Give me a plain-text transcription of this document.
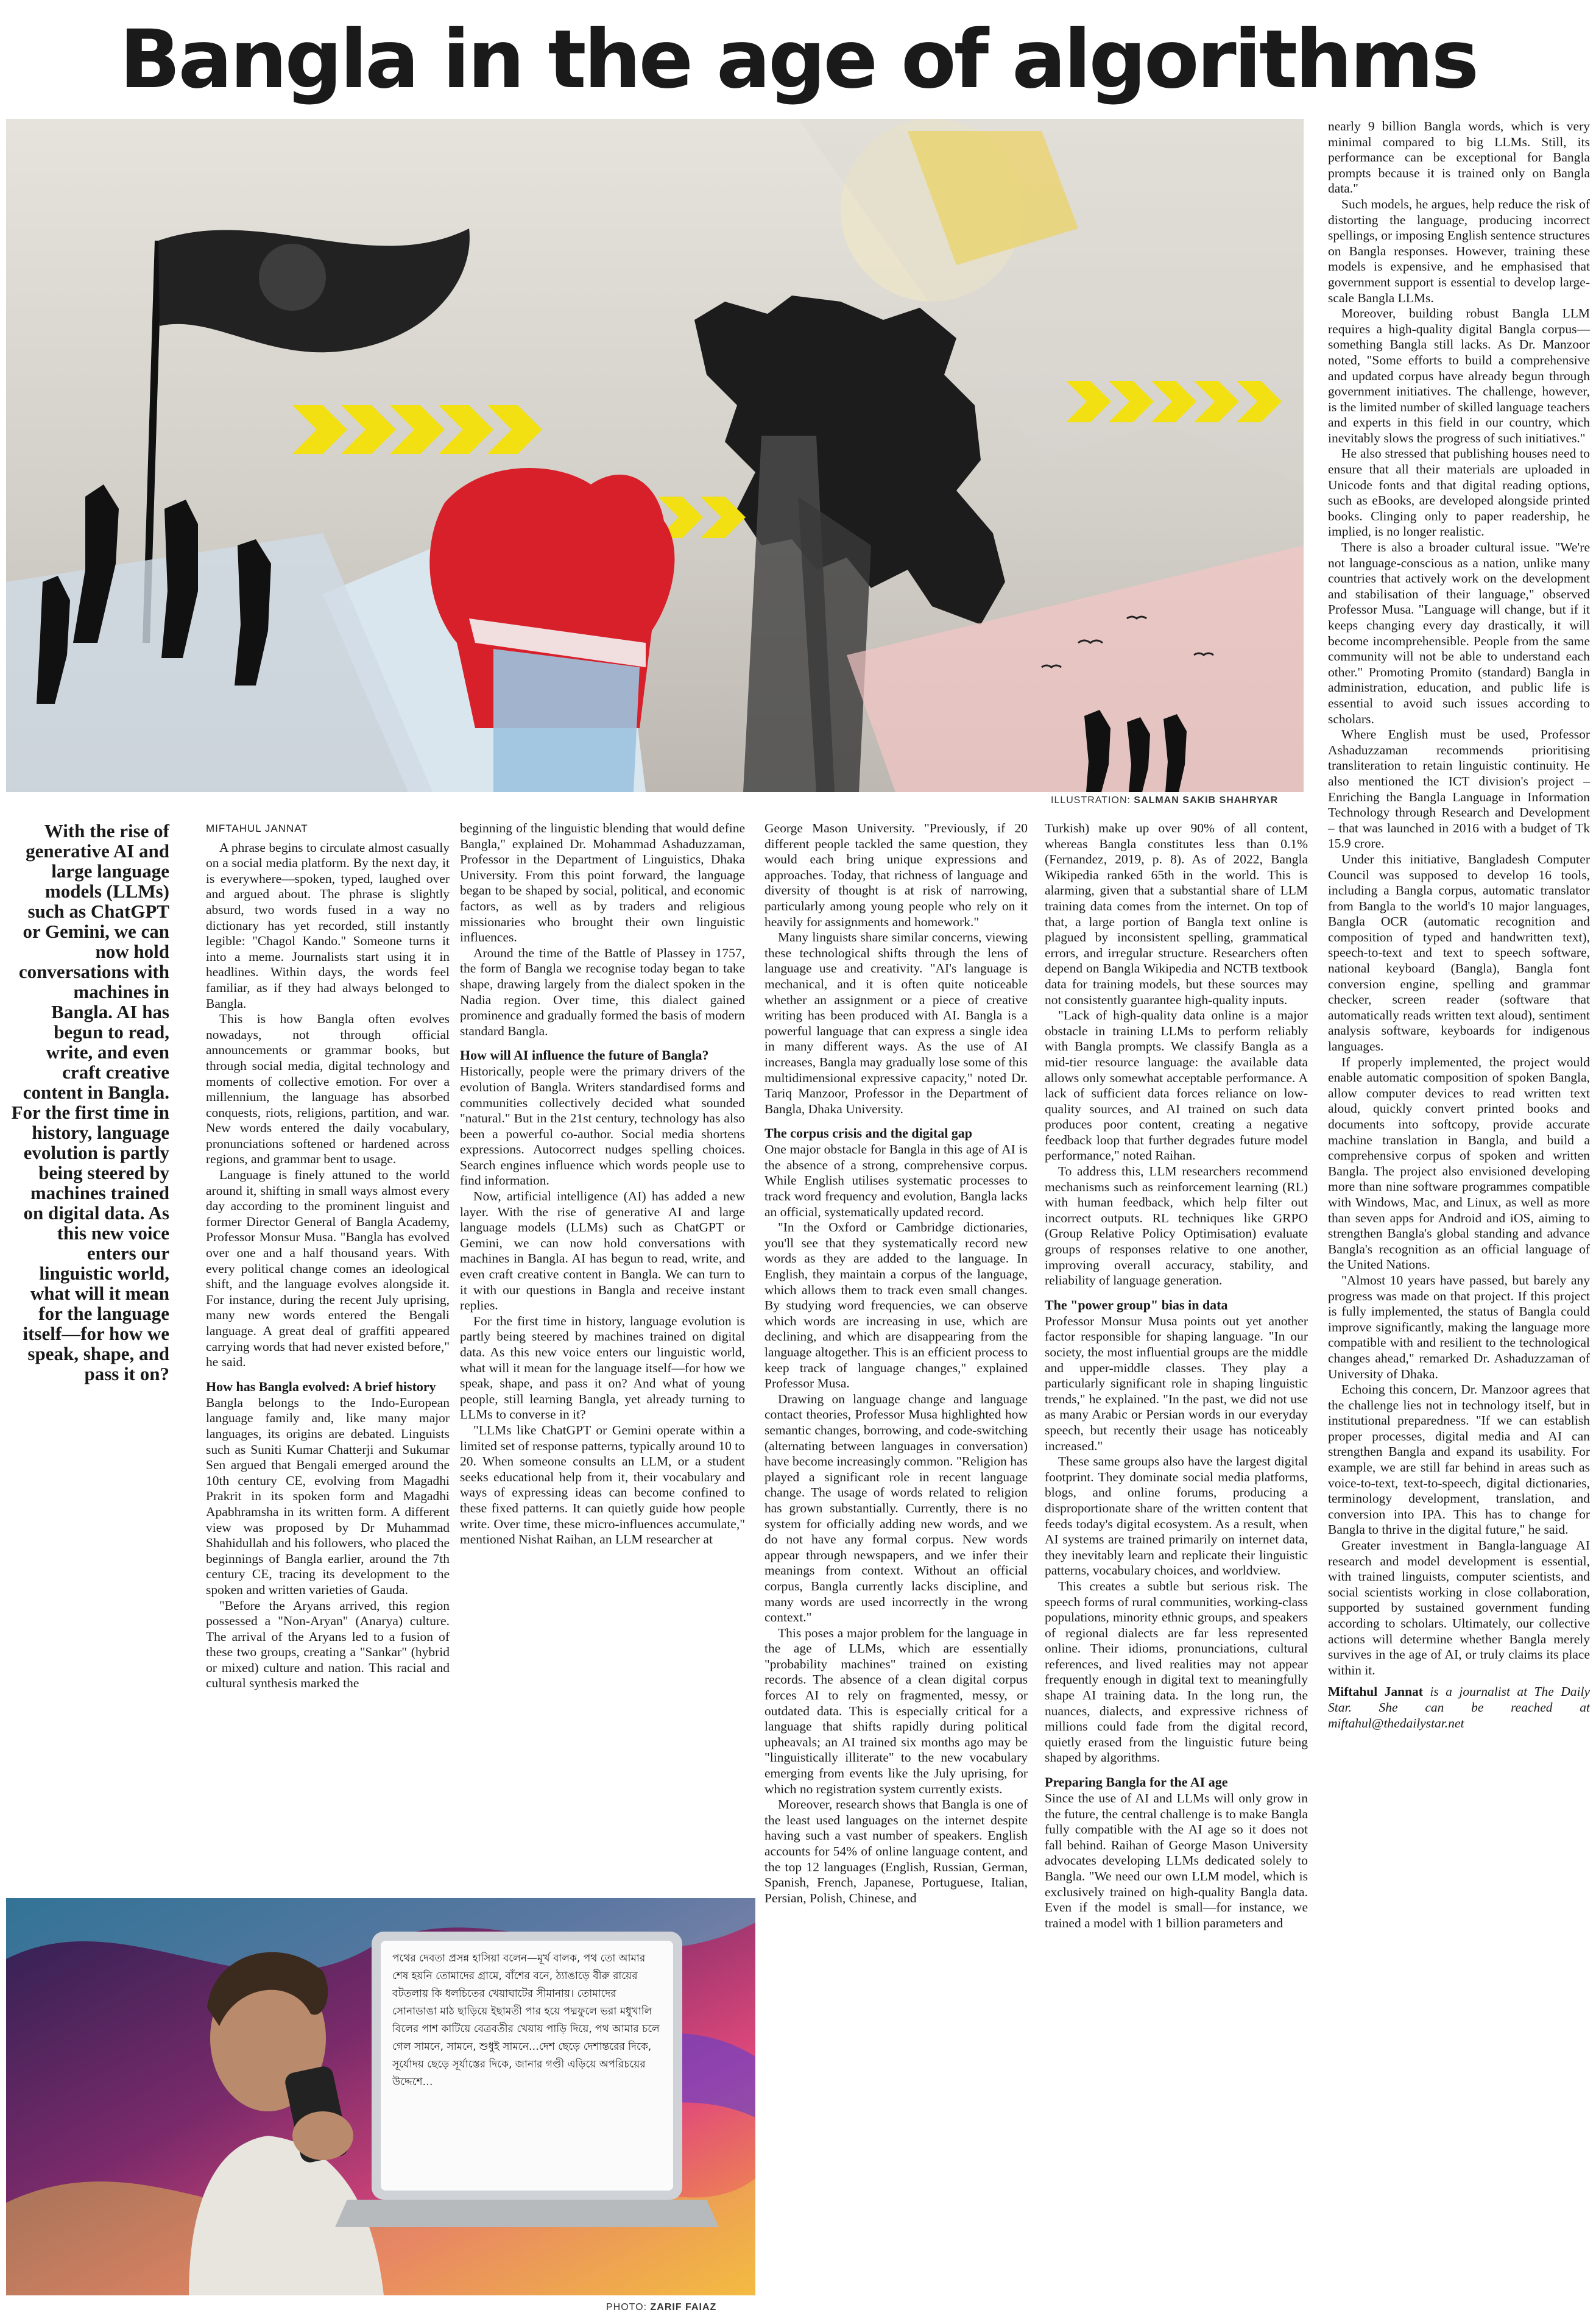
Bangla in the age of algorithms
ILLUSTRATION: SALMAN SAKIB SHAHRYAR

With the rise of generative AI and large language models (LLMs) such as ChatGPT or Gemini, we can now hold conversations with machines in Bangla. AI has begun to read, write, and even craft creative content in Bangla. For the first time in history, language evolution is partly being steered by machines trained on digital data. As this new voice enters our linguistic world, what will it mean for the language itself—for how we speak, shape, and pass it on?

MIFTAHUL JANNAT

A phrase begins to circulate almost casually on a social media platform. By the next day, it is everywhere—spoken, typed, laughed over and argued about. The phrase is slightly absurd, two words fused in a way no dictionary has yet recorded, still instantly legible: "Chagol Kando." Someone turns it into a meme. Journalists start using it in headlines. Within days, the words feel familiar, as if they had always belonged to Bangla.

This is how Bangla often evolves nowadays, not through official announcements or grammar books, but through social media, digital technology and moments of collective emotion. For over a millennium, the language has absorbed conquests, riots, religions, partition, and war. New words entered the daily vocabulary, pronunciations softened or hardened across regions, and grammar bent to usage.

Language is finely attuned to the world around it, shifting in small ways almost every day according to the prominent linguist and former Director General of Bangla Academy, Professor Monsur Musa. "Bangla has evolved over one and a half thousand years. With every political change comes an ideological shift, and the language evolves alongside it. For instance, during the recent July uprising, many new words entered the Bengali language. A great deal of graffiti appeared carrying words that had never existed before," he said.

How has Bangla evolved: A brief history

Bangla belongs to the Indo-European language family and, like many major languages, its origins are debated. Linguists such as Suniti Kumar Chatterji and Sukumar Sen argued that Bengali emerged around the 10th century CE, evolving from Magadhi Prakrit in its spoken form and Magadhi Apabhramsha in its written form. A different view was proposed by Dr Muhammad Shahidullah and his followers, who placed the beginnings of Bangla earlier, around the 7th century CE, tracing its development to the spoken and written varieties of Gauda.

"Before the Aryans arrived, this region possessed a "Non-Aryan" (Anarya) culture. The arrival of the Aryans led to a fusion of these two groups, creating a "Sankar" (hybrid or mixed) culture and nation. This racial and cultural synthesis marked the

beginning of the linguistic blending that would define Bangla," explained Dr. Mohammad Ashaduzzaman, Professor in the Department of Linguistics, Dhaka University. From this point forward, the language began to be shaped by social, political, and economic factors, as well as by traders and religious missionaries who brought their own linguistic influences.

Around the time of the Battle of Plassey in 1757, the form of Bangla we recognise today began to take shape, drawing largely from the dialect spoken in the Nadia region. Over time, this dialect gained prominence and gradually formed the basis of modern standard Bangla.

How will AI influence the future of Bangla?

Historically, people were the primary drivers of the evolution of Bangla. Writers standardised forms and communities collectively decided what sounded "natural." But in the 21st century, technology has also been a powerful co-author. Social media shortens expressions. Autocorrect nudges spelling choices. Search engines influence which words people use to find information.

Now, artificial intelligence (AI) has added a new layer. With the rise of generative AI and large language models (LLMs) such as ChatGPT or Gemini, we can now hold conversations with machines in Bangla. AI has begun to read, write, and even craft creative content in Bangla. We can turn to it with our questions in Bangla and receive instant replies.

For the first time in history, language evolution is partly being steered by machines trained on digital data. As this new voice enters our linguistic world, what will it mean for the language itself—for how we speak, shape, and pass it on? And what of young people, still learning Bangla, yet already turning to LLMs to converse in it?

"LLMs like ChatGPT or Gemini operate within a limited set of response patterns, typically around 10 to 20. When someone consults an LLM, or a student seeks educational help from it, their vocabulary and ways of expressing ideas can become confined to these fixed patterns. It can quietly guide how people write. Over time, these micro-influences accumulate," mentioned Nishat Raihan, an LLM researcher at

George Mason University. "Previously, if 20 different people tackled the same question, they would each bring unique expressions and approaches. Today, that richness of language and diversity of thought is at risk of narrowing, particularly among young people who rely on it heavily for assignments and homework."

Many linguists share similar concerns, viewing these technological shifts through the lens of language use and creativity. "AI's language is mechanical, and it is often quite noticeable whether an assignment or a piece of creative writing has been produced with AI. Bangla is a powerful language that can express a single idea in many different ways. As the use of AI increases, Bangla may gradually lose some of this multidimensional expressive capacity," noted Dr. Tariq Manzoor, Professor in the Department of Bangla, Dhaka University.

The corpus crisis and the digital gap

One major obstacle for Bangla in this age of AI is the absence of a strong, comprehensive corpus. While English utilises systematic processes to track word frequency and evolution, Bangla lacks an official, systematically updated record.

"In the Oxford or Cambridge dictionaries, you'll see that they systematically record new words as they are added to the language. In English, they maintain a corpus of the language, which allows them to track even small changes. By studying word frequencies, we can observe which words are increasing in use, which are declining, and which are disappearing from the language altogether. This is an efficient process to keep track of language changes," explained Professor Musa.

Drawing on language change and language contact theories, Professor Musa highlighted how semantic changes, borrowing, and code-switching (alternating between languages in conversation) have become increasingly common. "Religion has played a significant role in recent language change. The usage of words related to religion has grown substantially. Currently, there is no system for officially adding new words, and we do not have any formal corpus. New words appear through newspapers, and we infer their meanings from context. Without an official corpus, Bangla currently lacks discipline, and many words are used incorrectly in the wrong context."

This poses a major problem for the language in the age of LLMs, which are essentially "probability machines" trained on existing records. The absence of a clean digital corpus forces AI to rely on fragmented, messy, or outdated data. This is especially critical for a language that shifts rapidly during political upheavals; an AI trained six months ago may be "linguistically illiterate" to the new vocabulary emerging from events like the July uprising, for which no registration system currently exists.

Moreover, research shows that Bangla is one of the least used languages on the internet despite having such a vast number of speakers. English accounts for 54% of online language content, and the top 12 languages (English, Russian, German, Spanish, French, Japanese, Portuguese, Italian, Persian, Polish, Chinese, and

Turkish) make up over 90% of all content, whereas Bangla constitutes less than 0.1% (Fernandez, 2019, p. 8). As of 2022, Bangla Wikipedia ranked 65th in the world. This is alarming, given that a substantial share of LLM training data comes from the internet. On top of that, a large portion of Bangla text online is plagued by inconsistent spelling, grammatical errors, and irregular structure. Researchers often depend on Bangla Wikipedia and NCTB textbook data for training models, but these sources may not consistently guarantee high-quality inputs.

"Lack of high-quality data online is a major obstacle in training LLMs to perform reliably with Bangla prompts. We classify Bangla as a mid-tier resource language: the available data allows only somewhat acceptable performance. A lack of sufficient data forces reliance on low-quality sources, and AI trained on such data produces poor content, creating a negative feedback loop that further degrades future model performance," noted Raihan.

To address this, LLM researchers recommend mechanisms such as reinforcement learning (RL) with human feedback, which help filter out incorrect outputs. RL techniques like GRPO (Group Relative Policy Optimisation) evaluate groups of responses relative to one another, improving overall accuracy, stability, and reliability of language generation.

The "power group" bias in data

Professor Monsur Musa points out yet another factor responsible for shaping language. "In our society, the most influential groups are the middle and upper-middle classes. They play a particularly significant role in shaping linguistic trends," he explained. "In the past, we did not use as many Arabic or Persian words in our everyday speech, but recently their usage has noticeably increased."

These same groups also have the largest digital footprint. They dominate social media platforms, blogs, and online forums, producing a disproportionate share of the written content that feeds today's digital ecosystem. As a result, when AI systems are trained primarily on internet data, they inevitably learn and replicate their linguistic patterns, vocabulary choices, and worldview.

This creates a subtle but serious risk. The speech forms of rural communities, working-class populations, minority ethnic groups, and speakers of regional dialects are far less represented online. Their idioms, pronunciations, cultural references, and lived realities may not appear frequently enough in digital text to meaningfully shape AI training data. In the long run, the nuances, dialects, and expressive richness of millions could fade from the digital record, quietly erased from the linguistic future being shaped by algorithms.

Preparing Bangla for the AI age

Since the use of AI and LLMs will only grow in the future, the central challenge is to make Bangla fully compatible with the AI age so it does not fall behind. Raihan of George Mason University advocates developing LLMs dedicated solely to Bangla. "We need our own LLM model, which is exclusively trained on high-quality Bangla data. Even if the model is small—for instance, we trained a model with 1 billion parameters and

nearly 9 billion Bangla words, which is very minimal compared to big LLMs. Still, its performance can be exceptional for Bangla prompts because it is trained only on Bangla data."

Such models, he argues, help reduce the risk of distorting the language, producing incorrect spellings, or imposing English sentence structures on Bangla responses. However, training these models is expensive, and he emphasised that government support is essential to develop large-scale Bangla LLMs.

Moreover, building robust Bangla LLM requires a high-quality digital Bangla corpus—something Bangla still lacks. As Dr. Manzoor noted, "Some efforts to build a comprehensive and updated corpus have already begun through government initiatives. The challenge, however, is the limited number of skilled language teachers and experts in this field in our country, which inevitably slows the progress of such initiatives."

He also stressed that publishing houses need to ensure that all their materials are uploaded in Unicode fonts and that digital reading options, such as eBooks, are developed alongside printed books. Clinging only to paper readership, he implied, is no longer realistic.

There is also a broader cultural issue. "We're not language-conscious as a nation, unlike many countries that actively work on the development and stabilisation of their language," observed Professor Musa. "Language will change, but if it keeps changing every day drastically, it will become incomprehensible. People from the same community will not be able to understand each other." Promoting Promito (standard) Bangla in administration, education, and public life is essential to avoid such issues according to scholars.

Where English must be used, Professor Ashaduzzaman recommends prioritising transliteration to retain linguistic continuity. He also mentioned the ICT division's project – Enriching the Bangla Language in Information Technology through Research and Development – that was launched in 2016 with a budget of Tk 15.9 crore.

Under this initiative, Bangladesh Computer Council was supposed to develop 16 tools, including a Bangla corpus, automatic translator from Bangla to the world's 10 major languages, Bangla OCR (automatic recognition and composition of typed and handwritten text), speech-to-text and text to speech software, national keyboard (Bangla), Bangla font conversion engine, spelling and grammar checker, screen reader (software that automatically reads written text aloud), sentiment analysis software, keyboards for indigenous languages.

If properly implemented, the project would enable automatic composition of spoken Bangla, allow computer devices to read written text aloud, quickly convert printed books and documents into softcopy, provide accurate machine translation in Bangla, and build a comprehensive corpus of spoken and written Bangla. The project also envisioned developing more than nine software programmes compatible with Windows, Mac, and Linux, as well as more than seven apps for Android and iOS, aiming to strengthen Bangla's global standing and advance Bangla's recognition as an official language of the United Nations.

"Almost 10 years have passed, but barely any progress was made on that project. If this project is fully implemented, the status of Bangla could improve significantly, making the language more compatible with and resilient to the technological changes ahead," remarked Dr. Ashaduzzaman of University of Dhaka.

Echoing this concern, Dr. Manzoor agrees that the challenge lies not in technology itself, but in institutional preparedness. "If we can establish proper processes, digital media and AI can strengthen Bangla and expand its usability. For example, we are still far behind in areas such as voice-to-text, text-to-speech, digital dictionaries, terminology development, translation, and conversion into IPA. This has to change for Bangla to thrive in the digital future," he said.

Greater investment in Bangla-language AI research and model development is essential, with trained linguists, computer scientists, and social scientists working in close collaboration, supported by sustained government funding according to scholars. Ultimately, our collective actions will determine whether Bangla merely survives in the age of AI, or truly claims its place within it.

Miftahul Jannat is a journalist at The Daily Star. She can be reached at miftahul@thedailystar.net

পথের দেবতা প্রসন্ন হাসিয়া বলেন—মূর্খ বালক, পথ তো আমার শেষ হয়নি তোমাদের গ্রামে, বাঁশের বনে, ঠ্যাঙাড়ে বীরু রায়ের বটতলায় কি ধলচিতের খেয়াঘাটের সীমানায়। তোমাদের সোনাডাঙা মাঠ ছাড়িয়ে ইছামতী পার হয়ে পদ্মফুলে ভরা মধুখালি বিলের পাশ কাটিয়ে বেত্রবতীর খেয়ায় পাড়ি দিয়ে, পথ আমার চলে গেল সামনে, সামনে, শুধুই সামনে…দেশ ছেড়ে দেশান্তরের দিকে, সূর্যোদয় ছেড়ে সূর্যাস্তের দিকে, জানার গণ্ডী এড়িয়ে অপরিচয়ের উদ্দেশে…
PHOTO: ZARIF FAIAZ
